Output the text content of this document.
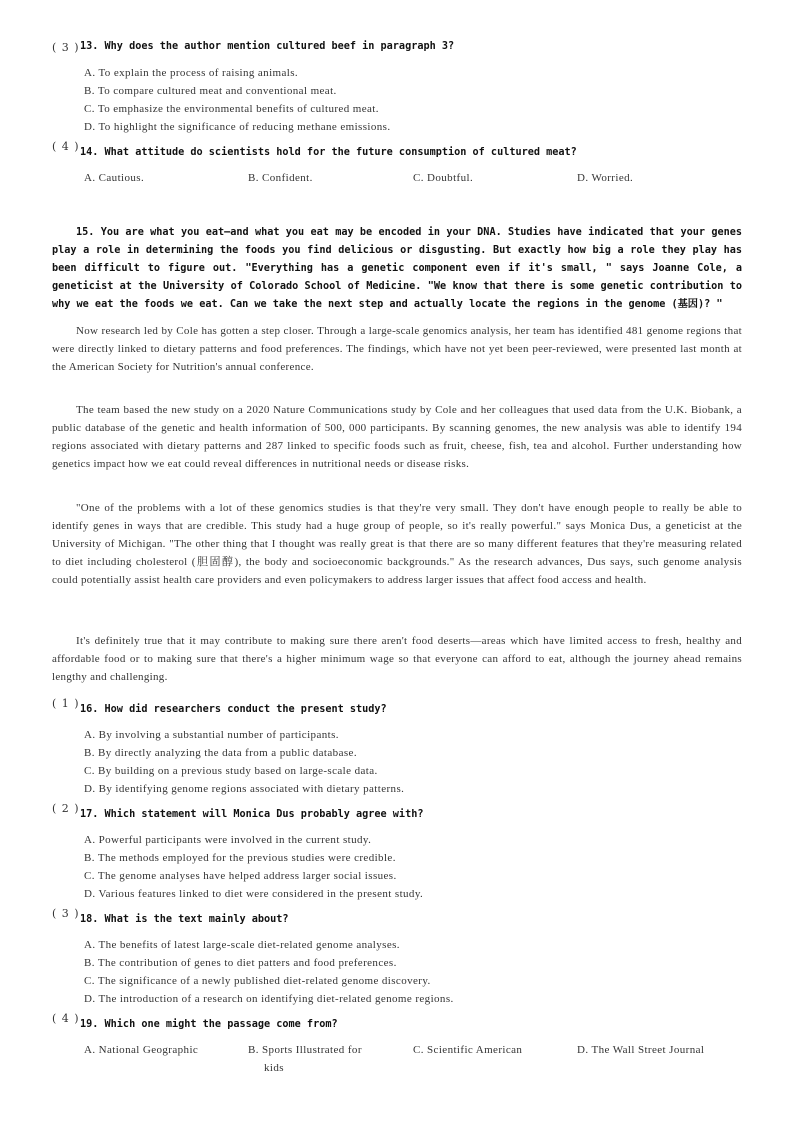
( 3 ) 13. Why does the author mention cultured beef in paragraph 3?
A. To explain the process of raising animals.
B. To compare cultured meat and conventional meat.
C. To emphasize the environmental benefits of cultured meat.
D. To highlight the significance of reducing methane emissions.
( 4 ) 14. What attitude do scientists hold for the future consumption of cultured meat?
A. Cautious.	B. Confident.	C. Doubtful.	D. Worried.
15. You are what you eat—and what you eat may be encoded in your DNA. Studies have indicated that your genes play a role in determining the foods you find delicious or disgusting. But exactly how big a role they play has been difficult to figure out. "Everything has a genetic component even if it's small, " says Joanne Cole, a geneticist at the University of Colorado School of Medicine. "We know that there is some genetic contribution to why we eat the foods we eat. Can we take the next step and actually locate the regions in the genome (基因)? "
Now research led by Cole has gotten a step closer. Through a large-scale genomics analysis, her team has identified 481 genome regions that were directly linked to dietary patterns and food preferences. The findings, which have not yet been peer-reviewed, were presented last month at the American Society for Nutrition's annual conference.
The team based the new study on a 2020 Nature Communications study by Cole and her colleagues that used data from the U.K. Biobank, a public database of the genetic and health information of 500, 000 participants. By scanning genomes, the new analysis was able to identify 194 regions associated with dietary patterns and 287 linked to specific foods such as fruit, cheese, fish, tea and alcohol. Further understanding how genetics impact how we eat could reveal differences in nutritional needs or disease risks.
"One of the problems with a lot of these genomics studies is that they're very small. They don't have enough people to really be able to identify genes in ways that are credible. This study had a huge group of people, so it's really powerful." says Monica Dus, a geneticist at the University of Michigan. "The other thing that I thought was really great is that there are so many different features that they're measuring related to diet including cholesterol (胆固醇), the body and socioeconomic backgrounds." As the research advances, Dus says, such genome analysis could potentially assist health care providers and even policymakers to address larger issues that affect food access and health.
It's definitely true that it may contribute to making sure there aren't food deserts—areas which have limited access to fresh, healthy and affordable food or to making sure that there's a higher minimum wage so that everyone can afford to eat, although the journey ahead remains lengthy and challenging.
( 1 ) 16. How did researchers conduct the present study?
A. By involving a substantial number of participants.
B. By directly analyzing the data from a public database.
C. By building on a previous study based on large-scale data.
D. By identifying genome regions associated with dietary patterns.
( 2 ) 17. Which statement will Monica Dus probably agree with?
A. Powerful participants were involved in the current study.
B. The methods employed for the previous studies were credible.
C. The genome analyses have helped address larger social issues.
D. Various features linked to diet were considered in the present study.
( 3 ) 18. What is the text mainly about?
A. The benefits of latest large-scale diet-related genome analyses.
B. The contribution of genes to diet patters and food preferences.
C. The significance of a newly published diet-related genome discovery.
D. The introduction of a research on identifying diet-related genome regions.
( 4 ) 19. Which one might the passage come from?
A. National Geographic	B. Sports Illustrated for
kids
C. Scientific American	D. The Wall Street Journal
